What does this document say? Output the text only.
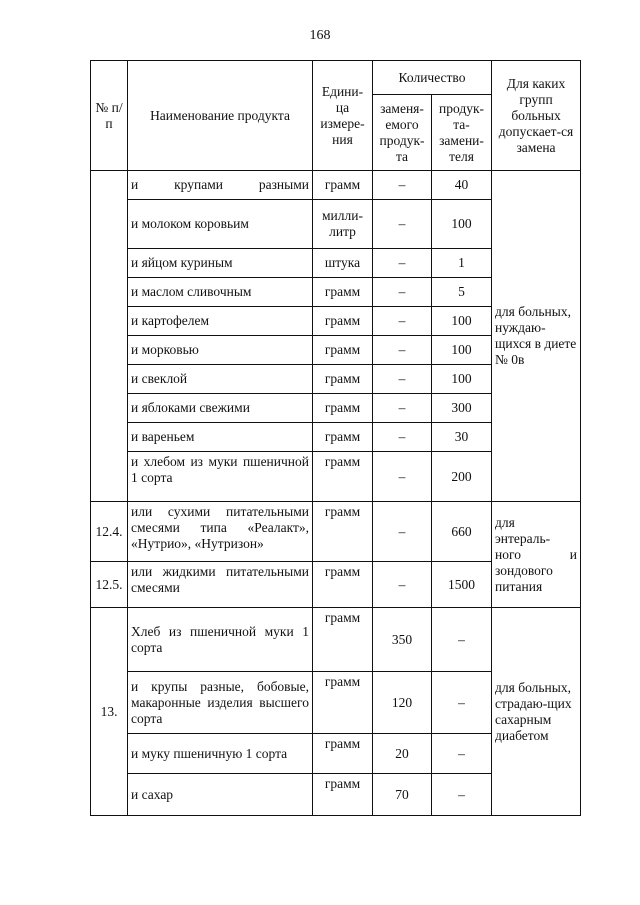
168
№ п/п	Наименование продукта	Едини-ца измере-ния	Количество		Для каких групп больных допускает-ся замена
			заменя-емого продук-та	продук-та-замени-теля	
	и крупами разными	грамм	–	40	для больных, нуждаю-щихся в диете № 0в
	и молоком коровьим	милли-литр	–	100	
	и яйцом куриным	штука	–	1	
	и маслом сливочным	грамм	–	5	
	и картофелем	грамм	–	100	
	и морковью	грамм	–	100	
	и свеклой	грамм	–	100	
	и яблоками свежими	грамм	–	300	
	и вареньем	грамм	–	30	
	и хлебом из муки пшеничной 1 сорта	грамм	–	200	
12.4.	или сухими питательными смесями типа «Реалакт», «Нутрио», «Нутризон»	грамм	–	660	для
энтераль-
ного и
зондового питания

12.5.	или жидкими питательными смесями	грамм	–	1500	
13.	Хлеб из пшеничной муки 1 сорта	грамм	350	–	для больных, страдаю-щих сахарным диабетом
	и крупы разные, бобовые, макаронные изделия высшего сорта	грамм	120	–	
	и муку пшеничную 1 сорта	грамм	20	–	
	и сахар	грамм	70	–	
